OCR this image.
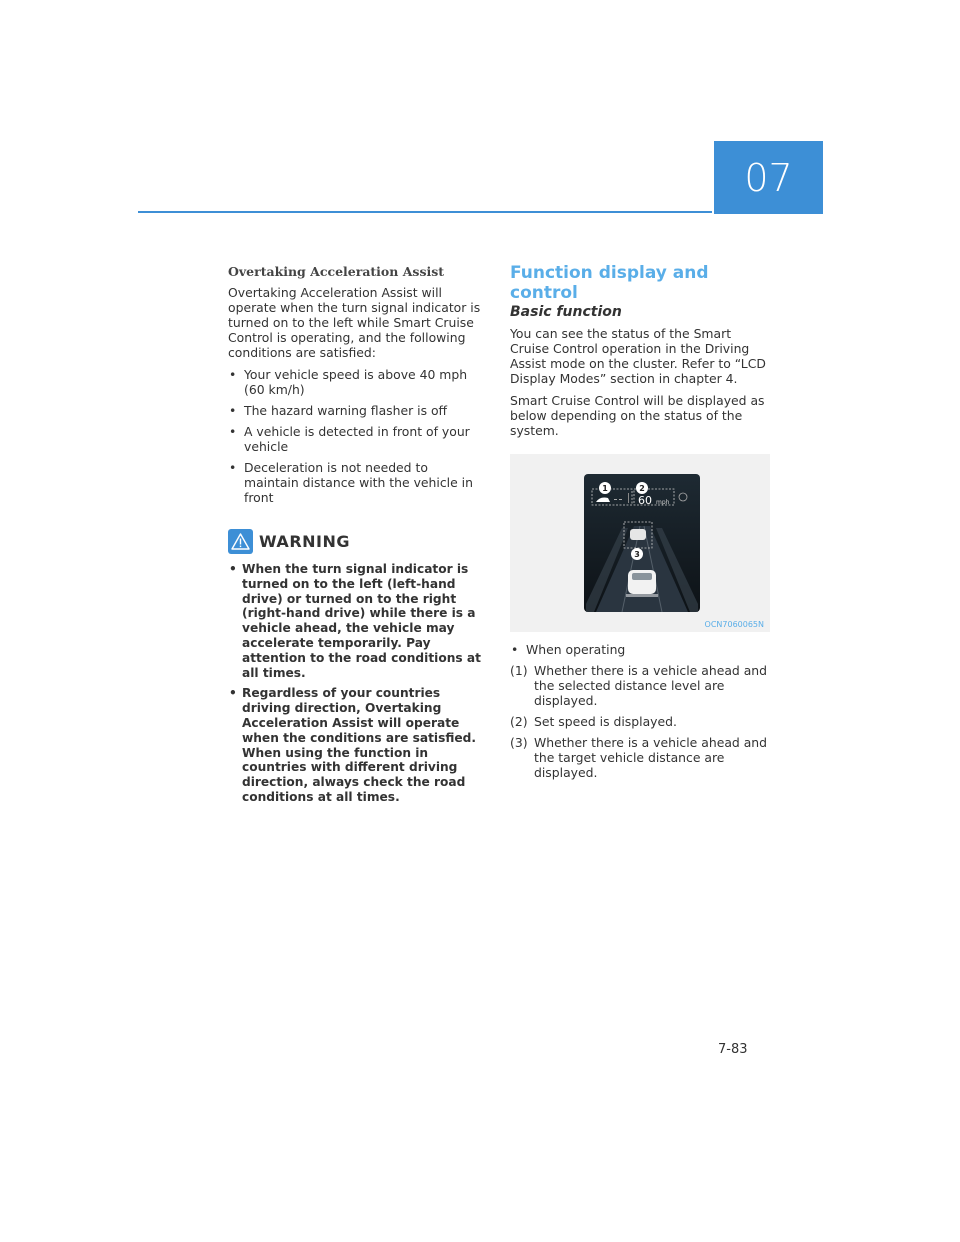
07
Overtaking Acceleration Assist

Overtaking Acceleration Assist will operate when the turn signal indicator is turned on to the left while Smart Cruise Control is operating, and the following conditions are satisfied:

• Your vehicle speed is above 40 mph (60 km/h)
• The hazard warning flasher is off
• A vehicle is detected in front of your vehicle
• Deceleration is not needed to maintain distance with the vehicle in front
WARNING
• When the turn signal indicator is turned on to the left (left-hand drive) or turned on to the right (right-hand drive) while there is a vehicle ahead, the vehicle may accelerate temporarily. Pay attention to the road conditions at all times.
• Regardless of your countries driving direction, Overtaking Acceleration Assist will operate when the conditions are satisfied. When using the function in countries with different driving direction, always check the road conditions at all times.
Function display and control
Basic function

You can see the status of the Smart Cruise Control operation in the Driving Assist mode on the cluster. Refer to “LCD Display Modes” section in chapter 4.

Smart Cruise Control will be displayed as below depending on the status of the system.

60 mph
1	2
3
OCN7060065N
• When operating
(1) Whether there is a vehicle ahead and the selected distance level are displayed.
(2) Set speed is displayed.
(3) Whether there is a vehicle ahead and the target vehicle distance are displayed.
7-83
